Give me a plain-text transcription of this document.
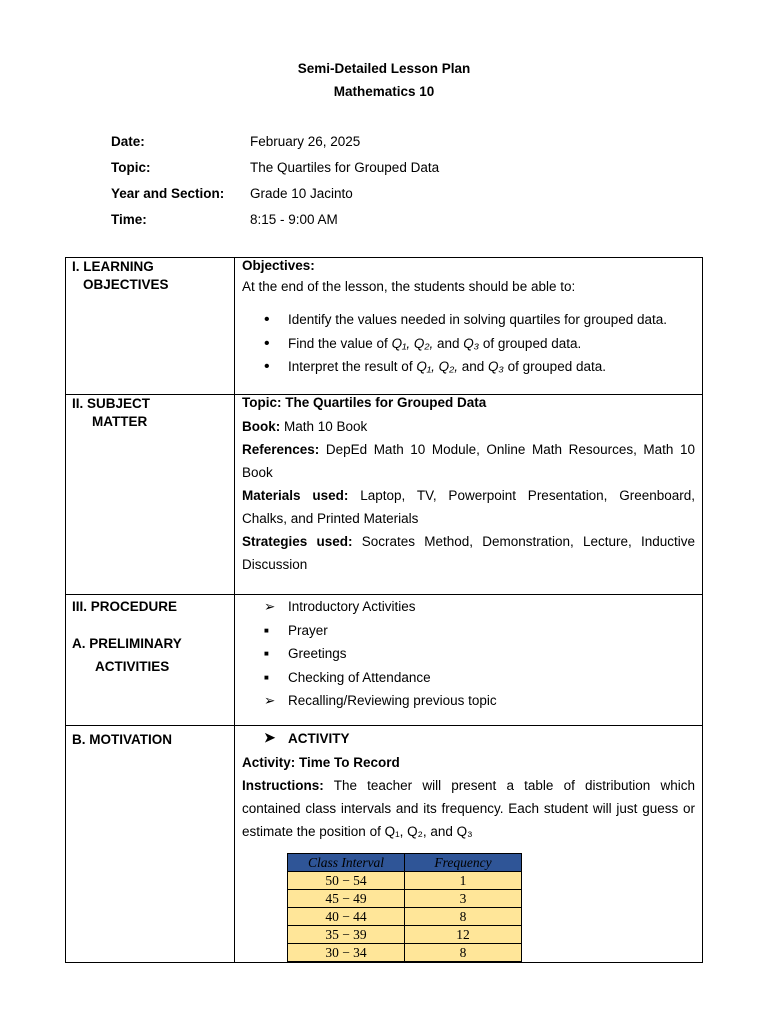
Semi-Detailed Lesson Plan
Mathematics 10
Date:	February 26, 2025
Topic:	The Quartiles for Grouped Data
Year and Section: Grade 10 Jacinto
Time:	8:15 - 9:00 AM
I. LEARNING
OBJECTIVES

Objectives:
At the end of the lesson, the students should be able to:
• Identify the values needed in solving quartiles for grouped data.
• Find the value of Q₁, Q₂, and Q₃ of grouped data.
• Interpret the result of Q₁, Q₂, and Q₃ of grouped data.

II. SUBJECT
MATTER

Topic: The Quartiles for Grouped Data
Book: Math 10 Book
References: DepEd Math 10 Module, Online Math Resources, Math 10 Book
Materials used: Laptop, TV, Powerpoint Presentation, Greenboard, Chalks, and Printed Materials
Strategies used: Socrates Method, Demonstration, Lecture, Inductive Discussion

III. PROCEDURE
A. PRELIMINARY
ACTIVITIES

➢ Introductory Activities
■ Prayer
■ Greetings
■ Checking of Attendance
➢ Recalling/Reviewing previous topic

B. MOTIVATION	➤ ACTIVITY
Activity: Time To Record
Instructions: The teacher will present a table of distribution which contained class intervals and its frequency. Each student will just guess or estimate the position of Q₁, Q₂, and Q₃
Class Interval	Frequency
50 − 54	1
45 − 49	3
40 − 44	8
35 − 39	12
30 − 34	8
